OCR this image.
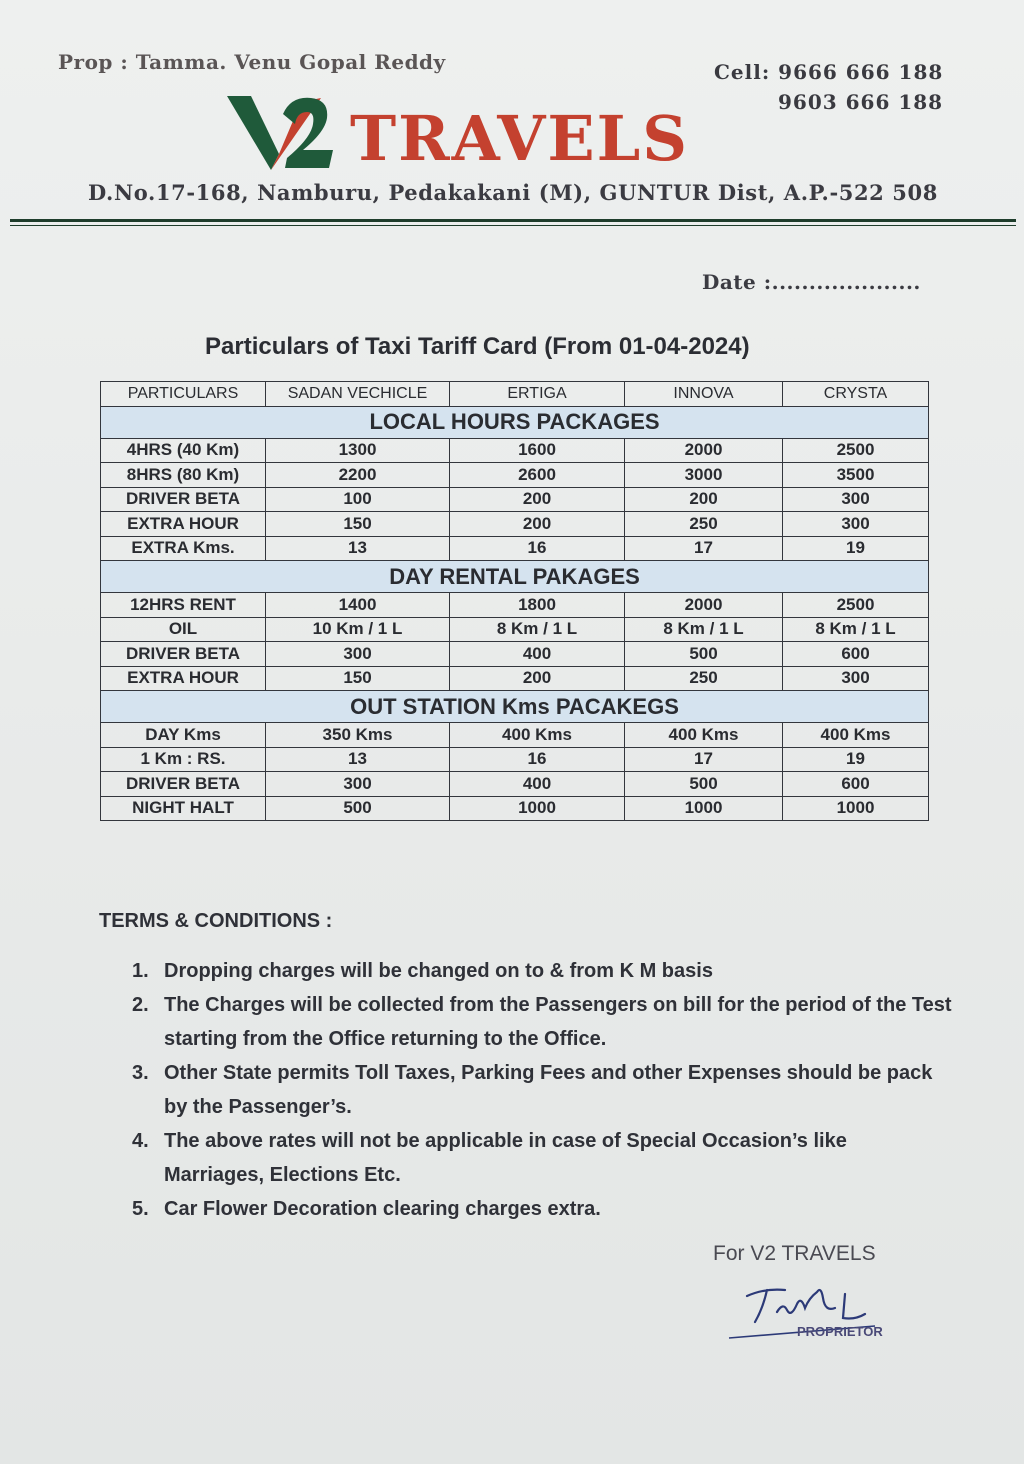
Prop : Tamma. Venu Gopal Reddy	Cell: 9666 666 188
9603 666 188
TRAVELS
D.No.17-168, Namburu, Pedakakani (M), GUNTUR Dist, A.P.-522 508
Date :....................
Particulars of Taxi Tariff Card (From 01-04-2024)
PARTICULARS	SADAN VECHICLE	ERTIGA	INNOVA	CRYSTA
LOCAL HOURS PACKAGES				
4HRS (40 Km)	1300	1600	2000	2500
8HRS (80 Km)	2200	2600	3000	3500
DRIVER BETA	100	200	200	300
EXTRA HOUR	150	200	250	300
EXTRA Kms.	13	16	17	19
DAY RENTAL PAKAGES				
12HRS RENT	1400	1800	2000	2500
OIL	10 Km / 1 L	8 Km / 1 L	8 Km / 1 L	8 Km / 1 L
DRIVER BETA	300	400	500	600
EXTRA HOUR	150	200	250	300
OUT STATION Kms PACAKEGS				
DAY Kms	350 Kms	400 Kms	400 Kms	400 Kms
1 Km : RS.	13	16	17	19
DRIVER BETA	300	400	500	600
NIGHT HALT	500	1000	1000	1000
TERMS & CONDITIONS :
1. Dropping charges will be changed on to & from K M basis
2. The Charges will be collected from the Passengers on bill for the period of the Test starting from the Office returning to the Office.
3. Other State permits Toll Taxes, Parking Fees and other Expenses should be pack by the Passenger’s.
4. The above rates will not be applicable in case of Special Occasion’s like Marriages, Elections Etc.
5. Car Flower Decoration clearing charges extra.
For V2 TRAVELS
PROPRIETOR
